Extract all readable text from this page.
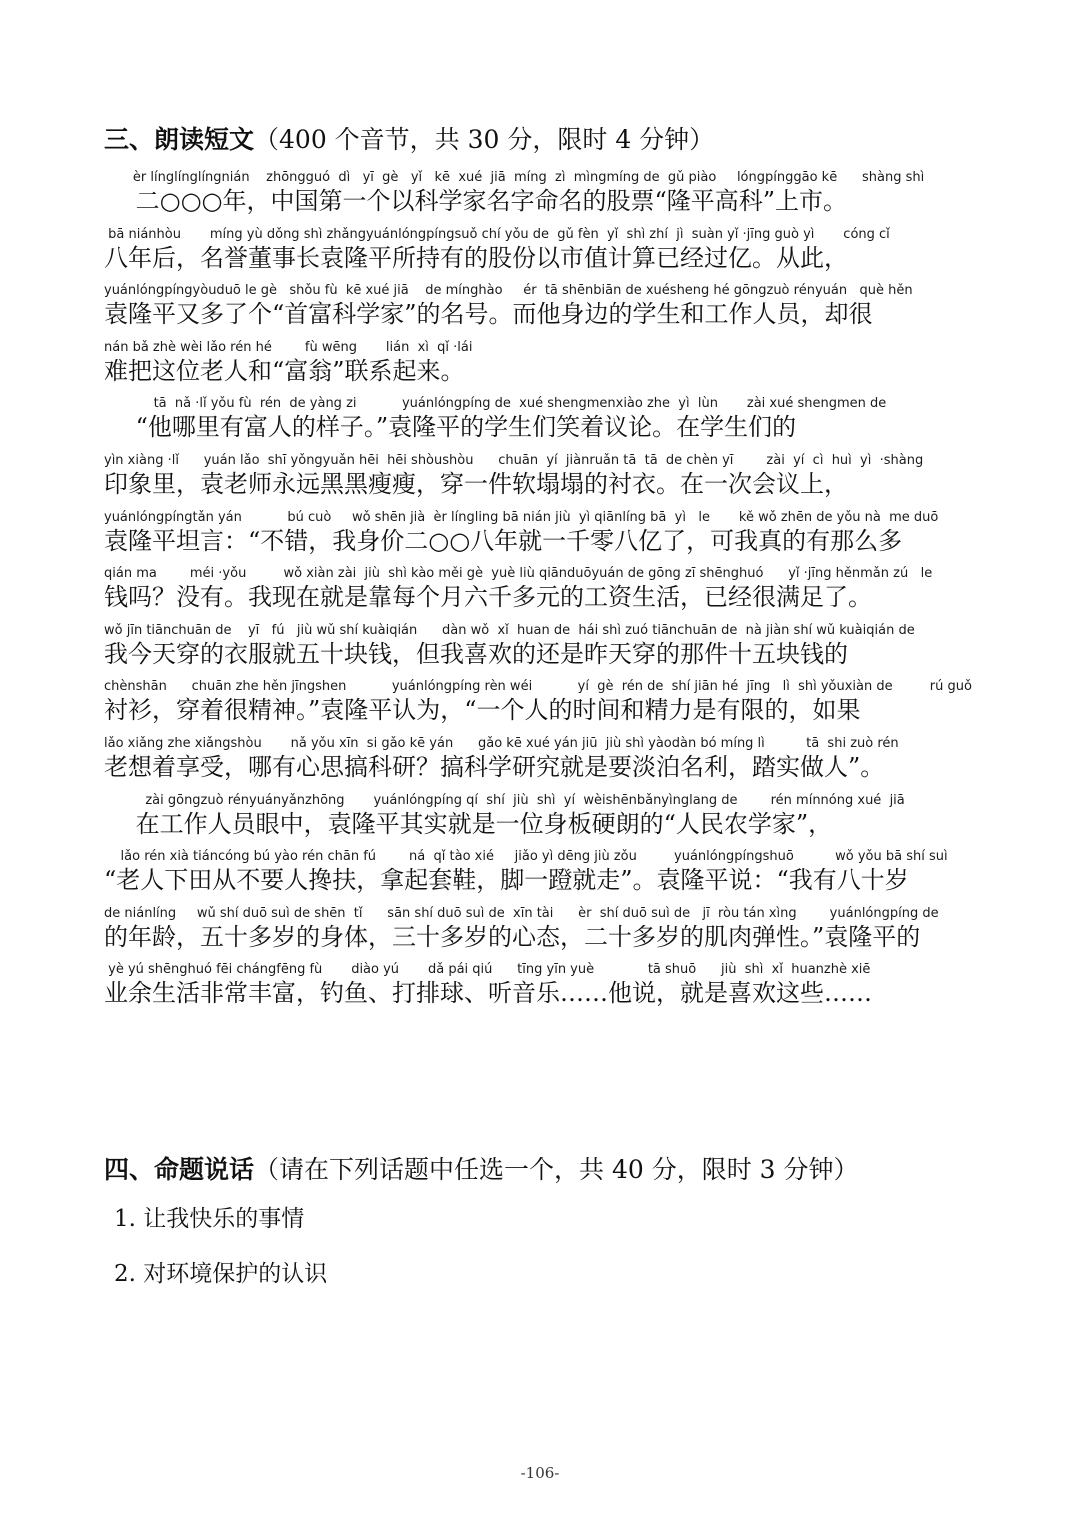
三、朗读短文（400 个音节，共 30 分，限时 4 分钟）
èr línglínglíngnián    zhōngguó  dì   yī  gè   yǐ   kē  xué  jiā  míng  zì  mìngmíng de  gǔ piào     lóngpínggāo kē      shàng shì
　 二○○○年，中国第一个以科学家名字命名的股票“隆平高科”上市。
bā niánhòu       míng yù dǒng shì zhǎngyuánlóngpíngsuǒ chí yǒu de  gǔ fèn  yǐ  shì zhí  jì  suàn yǐ ·jīng guò yì       cóng cǐ
八年后，名誉董事长袁隆平所持有的股份以市值计算已经过亿。从此，
yuánlóngpíngyòuduō le gè   shǒu fù  kē xué jiā    de mínghào     ér  tā shēnbiān de xuésheng hé gōngzuò rényuán   què hěn
袁隆平又多了个“首富科学家”的名号。而他身边的学生和工作人员，却很
nán bǎ zhè wèi lǎo rén hé        fù wēng       lián  xì  qǐ ·lái
难把这位老人和“富翁”联系起来。
tā  nǎ ·lǐ yǒu fù  rén  de yàng zi           yuánlóngpíng de  xué shengmenxiào zhe  yì  lùn       zài xué shengmen de
　 “他哪里有富人的样子。”袁隆平的学生们笑着议论。在学生们的
yìn xiàng ·lǐ      yuán lǎo  shī yǒngyuǎn hēi  hēi shòushòu      chuān  yí  jiànruǎn tā  tā  de chèn yī        zài  yí  cì  huì  yì  ·shàng
印象里，袁老师永远黑黑瘦瘦，穿一件软塌塌的衬衣。在一次会议上，
yuánlóngpíngtǎn yán           bú cuò     wǒ shēn jià  èr língling bā nián jiù  yì qiānlíng bā  yì   le       kě wǒ zhēn de yǒu nà  me duō
袁隆平坦言：“不错，我身价二○○八年就一千零八亿了，可我真的有那么多
qián ma        méi ·yǒu         wǒ xiàn zài  jiù  shì kào měi gè  yuè liù qiānduōyuán de gōng zī shēnghuó      yǐ ·jīng hěnmǎn zú   le
钱吗？没有。我现在就是靠每个月六千多元的工资生活，已经很满足了。
wǒ jīn tiānchuān de    yī   fú   jiù wǔ shí kuàiqián      dàn wǒ  xǐ  huan de  hái shì zuó tiānchuān de  nà jiàn shí wǔ kuàiqián de
我今天穿的衣服就五十块钱，但我喜欢的还是昨天穿的那件十五块钱的
chènshān      chuān zhe hěn jīngshen           yuánlóngpíng rèn wéi           yí  gè  rén de  shí jiān hé  jīng   lì  shì yǒuxiàn de         rú guǒ
衬衫，穿着很精神。”袁隆平认为，“一个人的时间和精力是有限的，如果
lǎo xiǎng zhe xiǎngshòu       nǎ yǒu xīn  si gǎo kē yán      gǎo kē xué yán jiū  jiù shì yàodàn bó míng lì          tā  shi zuò rén
老想着享受，哪有心思搞科研？搞科学研究就是要淡泊名利，踏实做人”。
zài gōngzuò rényuányǎnzhōng       yuánlóngpíng qí  shí  jiù  shì  yí  wèishēnbǎnyìnglang de        rén mínnóng xué  jiā
　 在工作人员眼中，袁隆平其实就是一位身板硬朗的“人民农学家”，
lǎo rén xià tiáncóng bú yào rén chān fú        ná  qǐ tào xié     jiǎo yì dēng jiù zǒu         yuánlóngpíngshuō          wǒ yǒu bā shí suì
“老人下田从不要人搀扶，拿起套鞋，脚一蹬就走”。袁隆平说：“我有八十岁
de niánlíng     wǔ shí duō suì de shēn  tǐ      sān shí duō suì de  xīn tài      èr  shí duō suì de   jī  ròu tán xìng        yuánlóngpíng de
的年龄，五十多岁的身体，三十多岁的心态，二十多岁的肌肉弹性。”袁隆平的
yè yú shēnghuó fēi chángfēng fù       diào yú       dǎ pái qiú      tīng yīn yuè             tā shuō      jiù  shì  xǐ  huanzhè xiē
业余生活非常丰富，钓鱼、打排球、听音乐……他说，就是喜欢这些……
四、命题说话（请在下列话题中任选一个，共 40 分，限时 3 分钟）
1. 让我快乐的事情
2. 对环境保护的认识
-106-
